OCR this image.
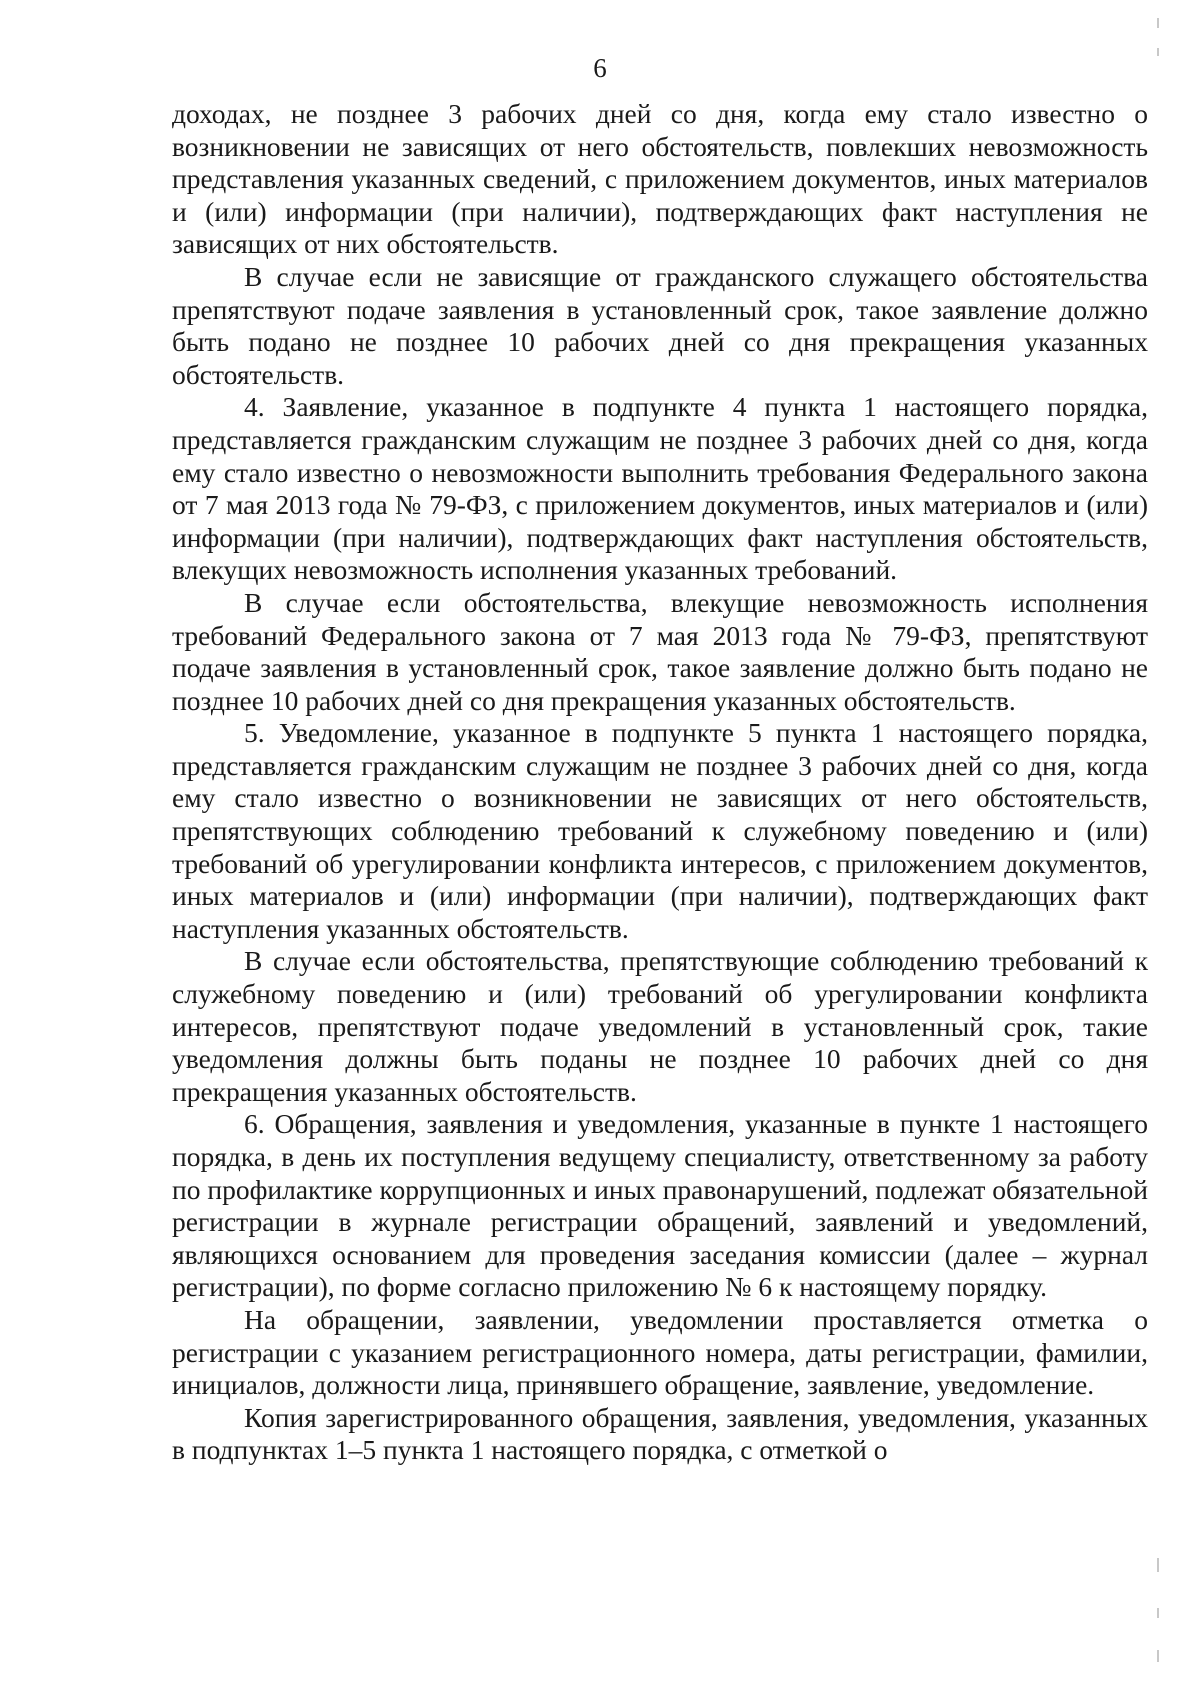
6

доходах, не позднее 3 рабочих дней со дня, когда ему стало известно о возникновении не зависящих от него обстоятельств, повлекших невозможность представления указанных сведений, с приложением документов, иных материалов и (или) информации (при наличии), подтверждающих факт наступления не зависящих от них обстоятельств.

В случае если не зависящие от гражданского служащего обстоятельства препятствуют подаче заявления в установленный срок, такое заявление должно быть подано не позднее 10 рабочих дней со дня прекращения указанных обстоятельств.

4. Заявление, указанное в подпункте 4 пункта 1 настоящего порядка, представляется гражданским служащим не позднее 3 рабочих дней со дня, когда ему стало известно о невозможности выполнить требования Федерального закона от 7 мая 2013 года № 79-ФЗ, с приложением документов, иных материалов и (или) информации (при наличии), подтверждающих факт наступления обстоятельств, влекущих невозможность исполнения указанных требований.

В случае если обстоятельства, влекущие невозможность исполнения требований Федерального закона от 7 мая 2013 года № 79-ФЗ, препятствуют подаче заявления в установленный срок, такое заявление должно быть подано не позднее 10 рабочих дней со дня прекращения указанных обстоятельств.

5. Уведомление, указанное в подпункте 5 пункта 1 настоящего порядка, представляется гражданским служащим не позднее 3 рабочих дней со дня, когда ему стало известно о возникновении не зависящих от него обстоятельств, препятствующих соблюдению требований к служебному поведению и (или) требований об урегулировании конфликта интересов, с приложением документов, иных материалов и (или) информации (при наличии), подтверждающих факт наступления указанных обстоятельств.

В случае если обстоятельства, препятствующие соблюдению требований к служебному поведению и (или) требований об урегулировании конфликта интересов, препятствуют подаче уведомлений в установленный срок, такие уведомления должны быть поданы не позднее 10 рабочих дней со дня прекращения указанных обстоятельств.

6. Обращения, заявления и уведомления, указанные в пункте 1 настоящего порядка, в день их поступления ведущему специалисту, ответственному за работу по профилактике коррупционных и иных правонарушений, подлежат обязательной регистрации в журнале регистрации обращений, заявлений и уведомлений, являющихся основанием для проведения заседания комиссии (далее – журнал регистрации), по форме согласно приложению № 6 к настоящему порядку.

На обращении, заявлении, уведомлении проставляется отметка о регистрации с указанием регистрационного номера, даты регистрации, фамилии, инициалов, должности лица, принявшего обращение, заявление, уведомление.

Копия зарегистрированного обращения, заявления, уведомления, указанных в подпунктах 1–5 пункта 1 настоящего порядка, с отметкой о
